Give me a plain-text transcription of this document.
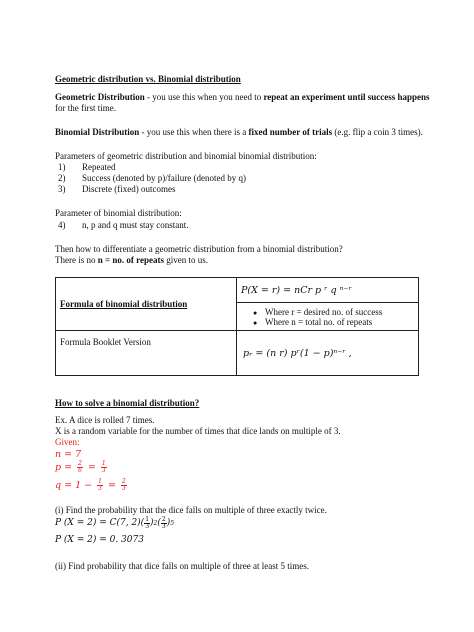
Geometric distribution vs. Binomial distribution
Geometric Distribution - you use this when you need to repeat an experiment until success happens
for the first time.
Binomial Distribution - you use this when there is a fixed number of trials (e.g. flip a coin 3 times).
Parameters of geometric distribution and binomial binomial distribution:
1) Repeated
2) Success (denoted by p)/failure (denoted by q)
3) Discrete (fixed) outcomes
Parameter of binomial distribution:
4) n, p and q must stay constant.
Then how to differentiate a geometric distribution from a binomial distribution?
There is no n = no. of repeats given to us.
Formula of binomial distribution	P(X = r) = nCr p ʳ q ⁿ⁻ʳ

	● Where r = desired no. of success
● Where n = total no. of repeats

Formula Booklet Version	pᵣ = (n r) pʳ(1 − p)ⁿ⁻ʳ ,
How to solve a binomial distribution?
Ex. A dice is rolled 7 times.
X is a random variable for the number of times that dice lands on multiple of 3.
Given:
n = 7
$p = \frac{2}{6} = \frac{1}{3}$
$q = 1 - \frac{1}{3} = \frac{2}{3}$
(i) Find the probability that the dice falls on multiple of three exactly twice.
P (X = 2) = C(7, $2)( \frac{1}{3}$ ) 2 ( $\frac{2}{3}$ ) 5
P (X = 2) = 0. 3073
(ii) Find probability that dice falls on multiple of three at least 5 times.
